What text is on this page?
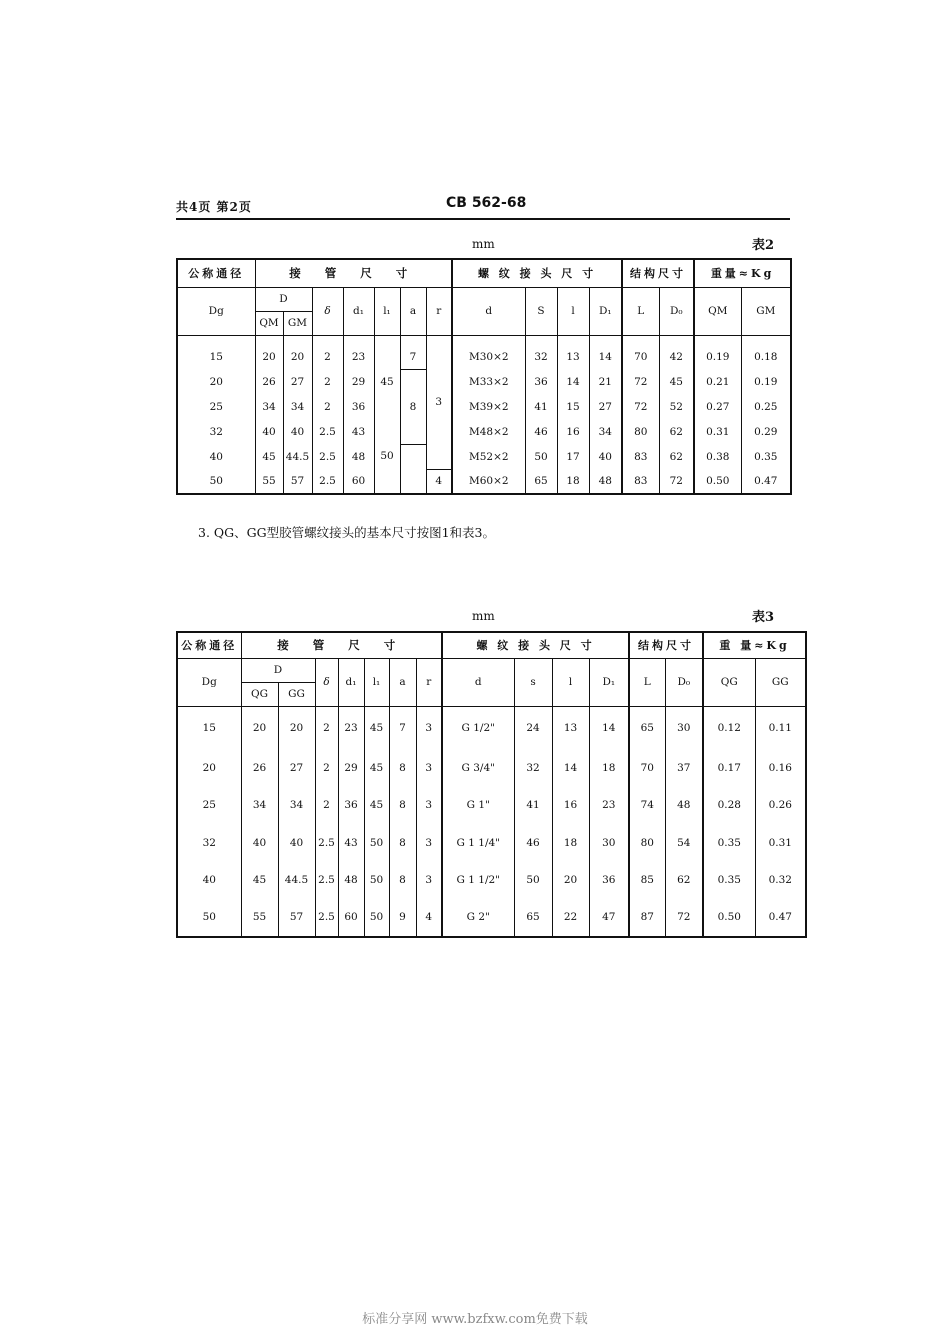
共4页 第2页	CB 562-68
mm	表2
公称通径	接 管 尺 寸							螺 纹 接 头 尺 寸				结构尺寸		重量≈Kg	
Dg	D		δ	d₁	l₁	a	r	d	S	l	D₁	L	D₀	QM	GM
	QM	GM													
15	20	20	2	23	45	7	3	M30×2	32	13	14	70	42	0.19	0.18
20	26	27	2	29		8		M33×2	36	14	21	72	45	0.21	0.19
25	34	34	2	36				M39×2	41	15	27	72	52	0.27	0.25
32	40	40	2.5	43	50			M48×2	46	16	34	80	62	0.31	0.29
40	45	44.5	2.5	48				M52×2	50	17	40	83	62	0.38	0.35
50	55	57	2.5	60			4	M60×2	65	18	48	83	72	0.50	0.47
3. QG、GG型胶管螺纹接头的基本尺寸按图1和表3。
mm	表3
公称通径	接 管 尺 寸							螺 纹 接 头 尺 寸				结构尺寸		重 量≈Kg	
Dg	D		δ	d₁	l₁	a	r	d	s	l	D₁	L	D₀	QG	GG
	QG	GG													
15	20	20	2	23	45	7	3	G 1/2"	24	13	14	65	30	0.12	0.11
20	26	27	2	29	45	8	3	G 3/4"	32	14	18	70	37	0.17	0.16
25	34	34	2	36	45	8	3	G 1"	41	16	23	74	48	0.28	0.26
32	40	40	2.5	43	50	8	3	G 1 1/4"	46	18	30	80	54	0.35	0.31
40	45	44.5	2.5	48	50	8	3	G 1 1/2"	50	20	36	85	62	0.35	0.32
50	55	57	2.5	60	50	9	4	G 2"	65	22	47	87	72	0.50	0.47
标准分享网 www.bzfxw.com免费下载
